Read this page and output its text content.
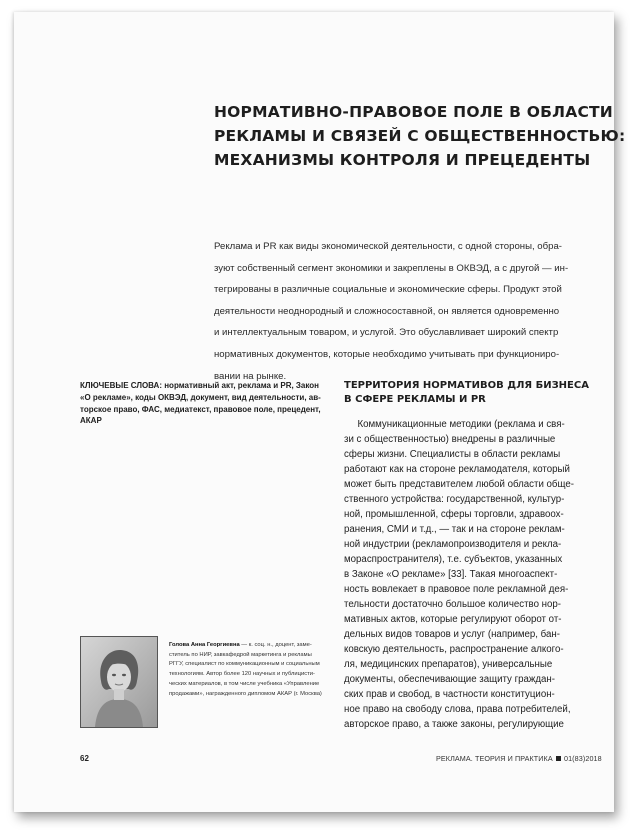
НОРМАТИВНО-ПРАВОВОЕ ПОЛЕ В ОБЛАСТИ
РЕКЛАМЫ И СВЯЗЕЙ С ОБЩЕСТВЕННОСТЬЮ:
МЕХАНИЗМЫ КОНТРОЛЯ И ПРЕЦЕДЕНТЫ
Реклама и PR как виды экономической деятельности, с одной стороны, обра-
зуют собственный сегмент экономики и закреплены в ОКВЭД, а с другой — ин-
тегрированы в различные социальные и экономические сферы. Продукт этой
деятельности неоднородный и сложносоставной, он является одновременно
и интеллектуальным товаром, и услугой. Это обуславливает широкий спектр
нормативных документов, которые необходимо учитывать при функциониро-
вании на рынке.
КЛЮЧЕВЫЕ СЛОВА: нормативный акт, реклама и PR, Закон
«О рекламе», коды ОКВЭД, документ, вид деятельности, ав-
торское право, ФАС, медиатекст, правовое поле, прецедент,
АКАР
ТЕРРИТОРИЯ НОРМАТИВОВ ДЛЯ БИЗНЕСА
В СФЕРЕ РЕКЛАМЫ И PR
Коммуникационные методики (реклама и свя-
зи с общественностью) внедрены в различные
сферы жизни. Специалисты в области рекламы
работают как на стороне рекламодателя, который
может быть представителем любой области обще-
ственного устройства: государственной, культур-
ной, промышленной, сферы торговли, здравоох-
ранения, СМИ и т.д., — так и на стороне реклам-
ной индустрии (рекламопроизводителя и рекла-
мораспространителя), т.е. субъектов, указанных
в Законе «О рекламе» [33]. Такая многоаспект-
ность вовлекает в правовое поле рекламной дея-
тельности достаточно большое количество нор-
мативных актов, которые регулируют оборот от-
дельных видов товаров и услуг (например, бан-
ковскую деятельность, распространение алкого-
ля, медицинских препаратов), универсальные
документы, обеспечивающие защиту граждан-
ских прав и свобод, в частности конституцион-
ное право на свободу слова, права потребителей,
авторское право, а также законы, регулирующие
Голова Анна Георгиевна — к. соц. н., доцент, заме-
ститель по НИР, завкафедрой маркетинга и рекламы
РГГУ, специалист по коммуникационным и социальным
технологиям. Автор более 120 научных и публицисти-
ческих материалов, в том числе учебника «Управление
продажами», награжденного дипломом АКАР (г. Москва)
62	РЕКЛАМА. ТЕОРИЯ И ПРАКТИКА 01(83)2018
